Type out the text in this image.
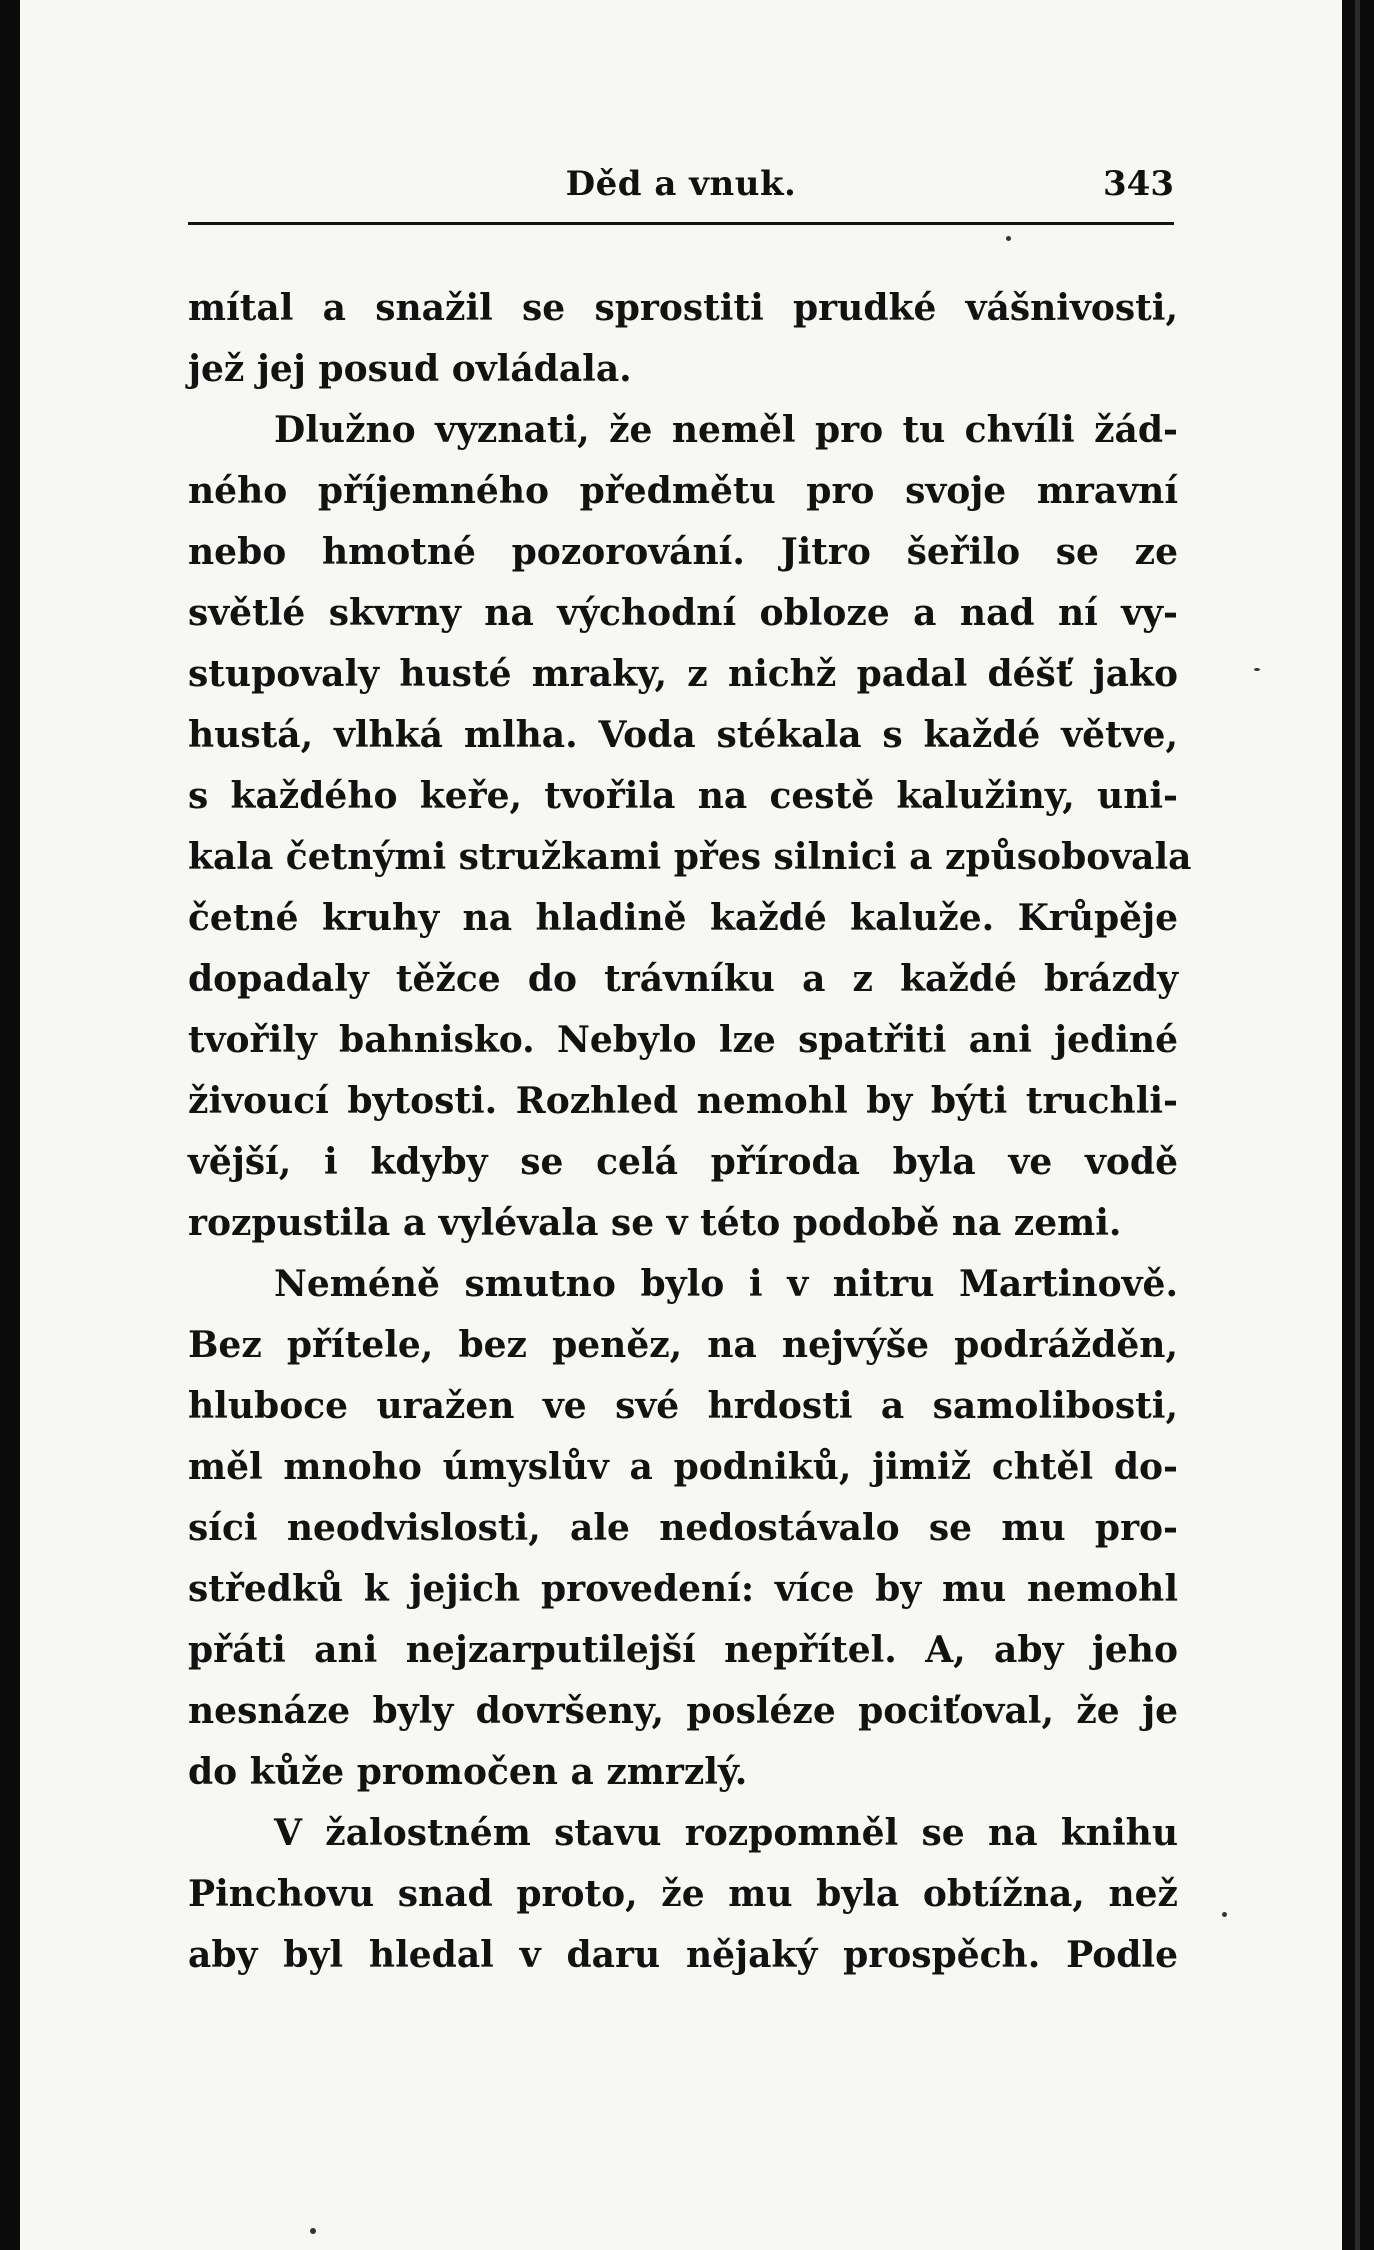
Děd a vnuk.	343
mítal a snažil se sprostiti prudké vášnivosti,
jež jej posud ovládala.
Dlužno vyznati, že neměl pro tu chvíli žád-
ného příjemného předmětu pro svoje mravní
nebo hmotné pozorování. Jitro šeřilo se ze
světlé skvrny na východní obloze a nad ní vy-
stupovaly husté mraky, z nichž padal déšť jako
hustá, vlhká mlha. Voda stékala s každé větve,
s každého keře, tvořila na cestě kalužiny, uni-
kala četnými stružkami přes silnici a způsobovala
četné kruhy na hladině každé kaluže. Krůpěje
dopadaly těžce do trávníku a z každé brázdy
tvořily bahnisko. Nebylo lze spatřiti ani jediné
živoucí bytosti. Rozhled nemohl by býti truchli-
vější, i kdyby se celá příroda byla ve vodě
rozpustila a vylévala se v této podobě na zemi.
Neméně smutno bylo i v nitru Martinově.
Bez přítele, bez peněz, na nejvýše podrážděn,
hluboce uražen ve své hrdosti a samolibosti,
měl mnoho úmyslův a podniků, jimiž chtěl do-
síci neodvislosti, ale nedostávalo se mu pro-
středků k jejich provedení: více by mu nemohl
přáti ani nejzarputilejší nepřítel. A, aby jeho
nesnáze byly dovršeny, posléze pociťoval, že je
do kůže promočen a zmrzlý.
V žalostném stavu rozpomněl se na knihu
Pinchovu snad proto, že mu byla obtížna, než
aby byl hledal v daru nějaký prospěch. Podle
